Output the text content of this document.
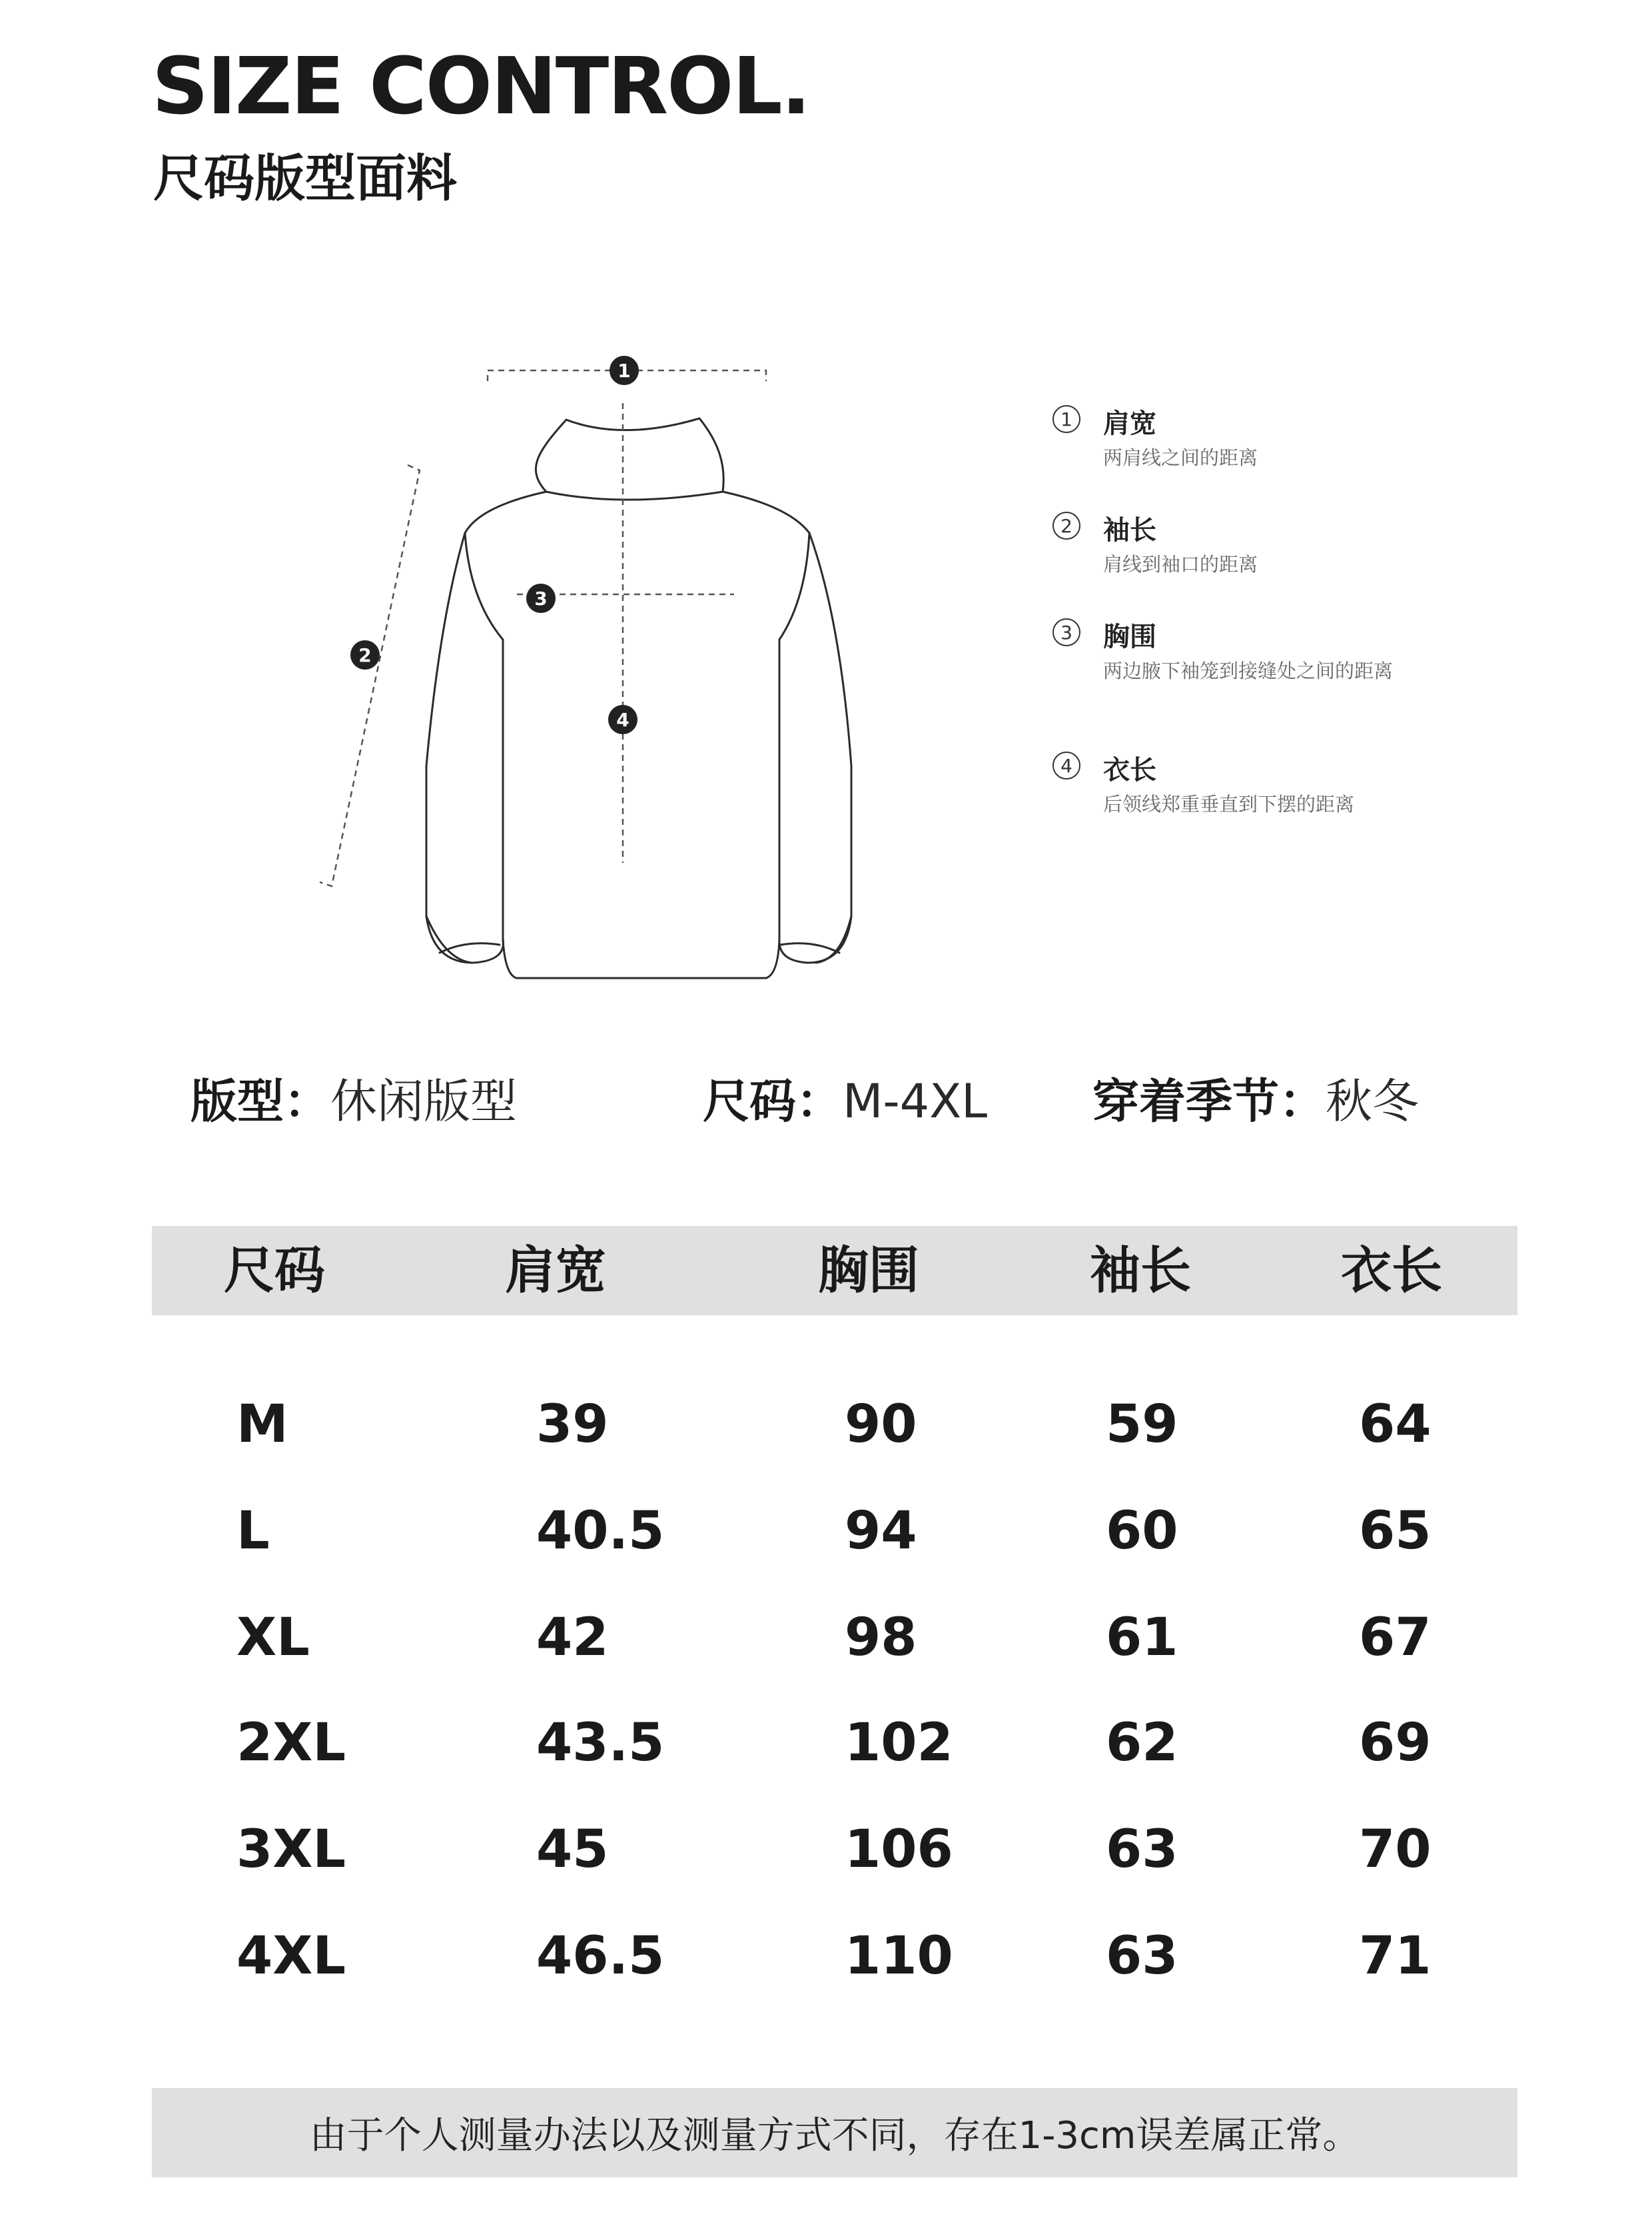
SIZE CONTROL.
尺码版型面料
1
2
3
4
1	肩宽
两肩线之间的距离
2	袖长
肩线到袖口的距离
3	胸围
两边腋下袖笼到接缝处之间的距离
4	衣长
后领线郑重垂直到下摆的距离
版型：休闲版型	尺码：M-4XL 穿着季节：秋冬
尺码	肩宽	胸围	袖长	衣长
M	39	90	59	64
L	40.5	94	60	65
XL	42	98	61	67
2XL	43.5	102	62	69
3XL	45	106	63	70
4XL	46.5	110	63	71
由于个人测量办法以及测量方式不同，存在1-3cm误差属正常。
